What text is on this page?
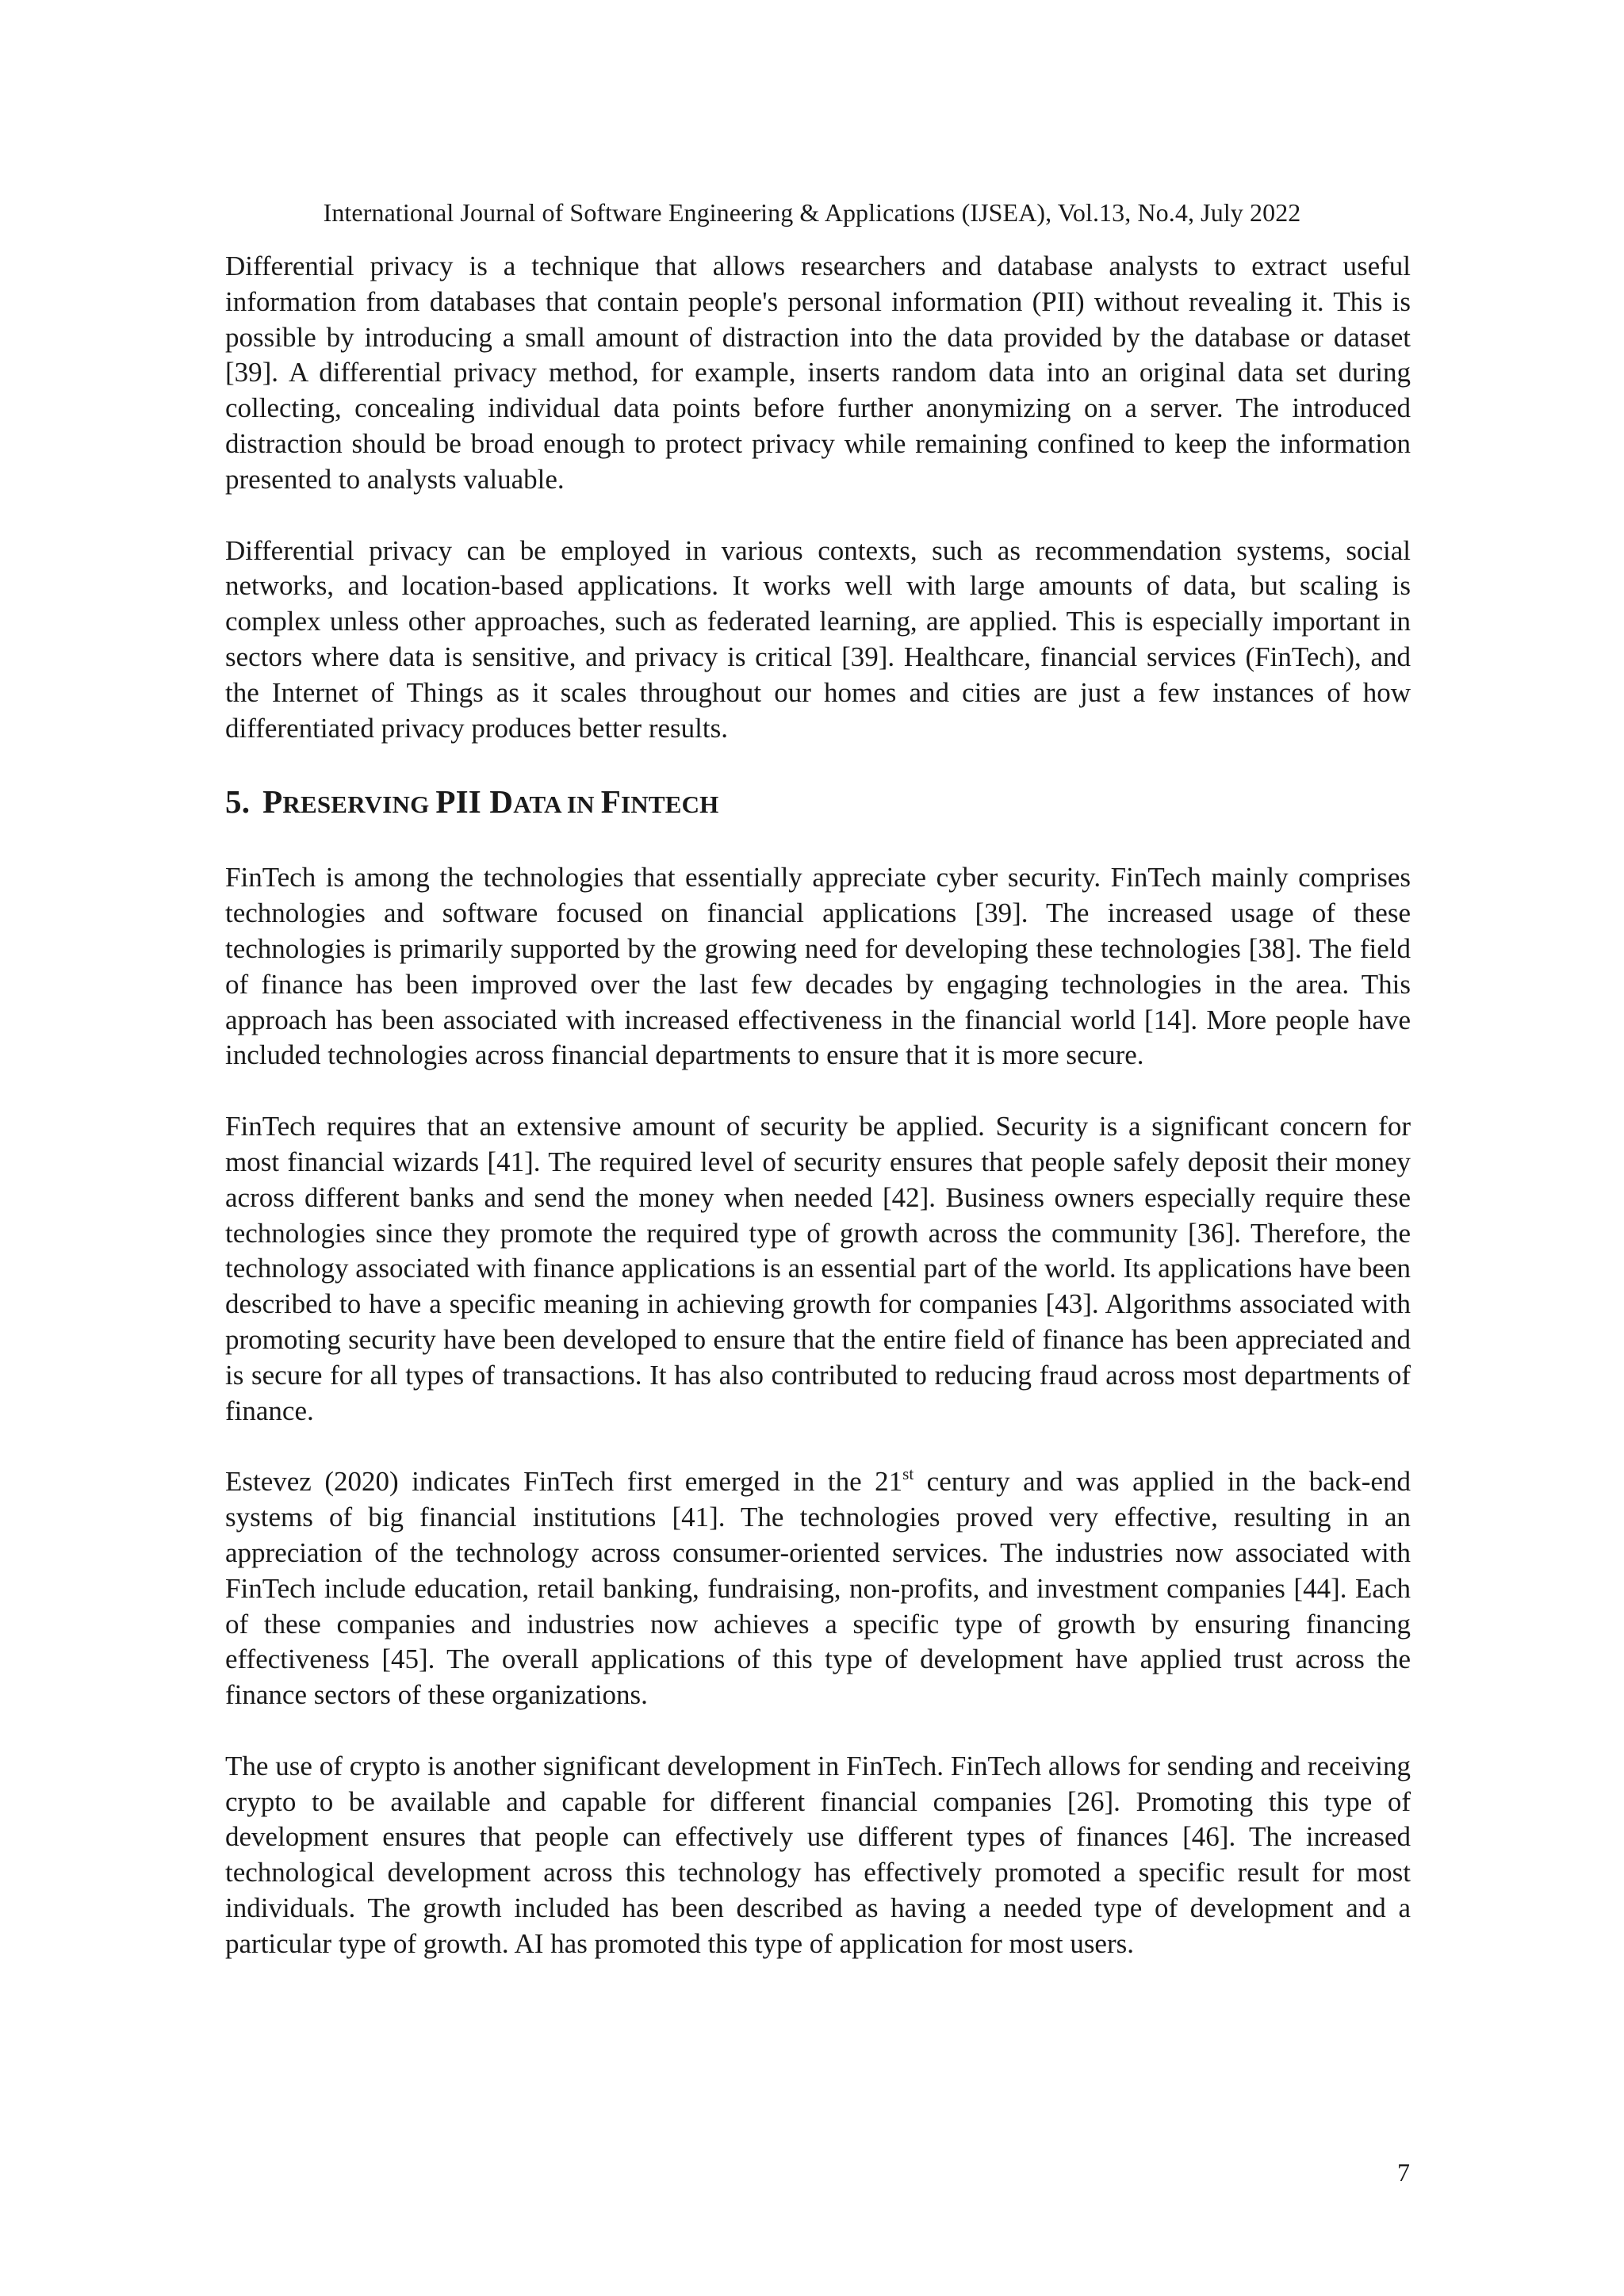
International Journal of Software Engineering & Applications (IJSEA), Vol.13, No.4, July 2022

Differential privacy is a technique that allows researchers and database analysts to extract useful information from databases that contain people's personal information (PII) without revealing it. This is possible by introducing a small amount of distraction into the data provided by the database or dataset [39]. A differential privacy method, for example, inserts random data into an original data set during collecting, concealing individual data points before further anonymizing on a server. The introduced distraction should be broad enough to protect privacy while remaining confined to keep the information presented to analysts valuable.

Differential privacy can be employed in various contexts, such as recommendation systems, social networks, and location-based applications. It works well with large amounts of data, but scaling is complex unless other approaches, such as federated learning, are applied. This is especially important in sectors where data is sensitive, and privacy is critical [39]. Healthcare, financial services (FinTech), and the Internet of Things as it scales throughout our homes and cities are just a few instances of how differentiated privacy produces better results.

5. PRESERVING PII DATA IN FINTECH

FinTech is among the technologies that essentially appreciate cyber security. FinTech mainly comprises technologies and software focused on financial applications [39]. The increased usage of these technologies is primarily supported by the growing need for developing these technologies [38]. The field of finance has been improved over the last few decades by engaging technologies in the area. This approach has been associated with increased effectiveness in the financial world [14]. More people have included technologies across financial departments to ensure that it is more secure.

FinTech requires that an extensive amount of security be applied. Security is a significant concern for most financial wizards [41]. The required level of security ensures that people safely deposit their money across different banks and send the money when needed [42]. Business owners especially require these technologies since they promote the required type of growth across the community [36]. Therefore, the technology associated with finance applications is an essential part of the world. Its applications have been described to have a specific meaning in achieving growth for companies [43]. Algorithms associated with promoting security have been developed to ensure that the entire field of finance has been appreciated and is secure for all types of transactions. It has also contributed to reducing fraud across most departments of finance.

Estevez (2020) indicates FinTech first emerged in the 21st century and was applied in the back-end systems of big financial institutions [41]. The technologies proved very effective, resulting in an appreciation of the technology across consumer-oriented services. The industries now associated with FinTech include education, retail banking, fundraising, non-profits, and investment companies [44]. Each of these companies and industries now achieves a specific type of growth by ensuring financing effectiveness [45]. The overall applications of this type of development have applied trust across the finance sectors of these organizations.

The use of crypto is another significant development in FinTech. FinTech allows for sending and receiving crypto to be available and capable for different financial companies [26]. Promoting this type of development ensures that people can effectively use different types of finances [46]. The increased technological development across this technology has effectively promoted a specific result for most individuals. The growth included has been described as having a needed type of development and a particular type of growth. AI has promoted this type of application for most users.

7
